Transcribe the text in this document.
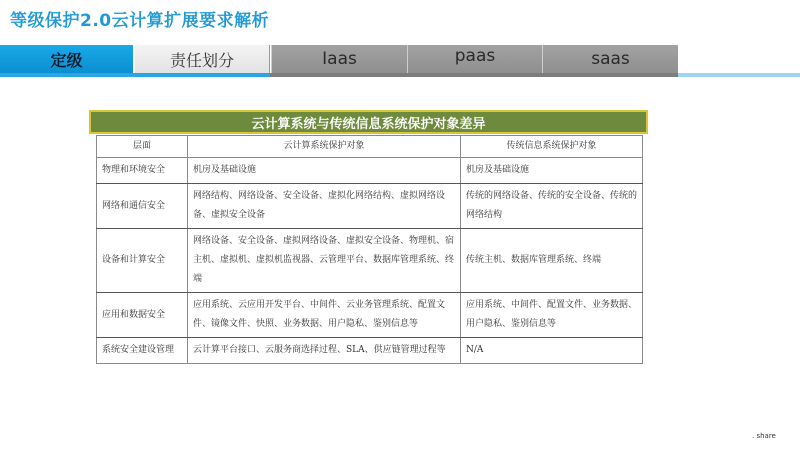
等级保护2.0云计算扩展要求解析
定级	责任划分	Iaas	paas	saas
云计算系统与传统信息系统保护对象差异
层面	云计算系统保护对象	传统信息系统保护对象
物理和环境安全	机房及基础设施	机房及基础设施
网络和通信安全	网络结构、网络设备、安全设备、虚拟化网络结构、虚拟网络设备、虚拟安全设备	传统的网络设备、传统的安全设备、传统的网络结构
设备和计算安全	网络设备、安全设备、虚拟网络设备、虚拟安全设备、物理机、宿主机、虚拟机、虚拟机监视器、云管理平台、数据库管理系统、终端	传统主机、数据库管理系统、终端
应用和数据安全	应用系统、云应用开发平台、中间件、云业务管理系统、配置文件、镜像文件、快照、业务数据、用户隐私、鉴别信息等	应用系统、中间件、配置文件、业务数据、用户隐私、鉴别信息等
系统安全建设管理	云计算平台接口、云服务商选择过程、SLA、供应链管理过程等	N/A
. share
